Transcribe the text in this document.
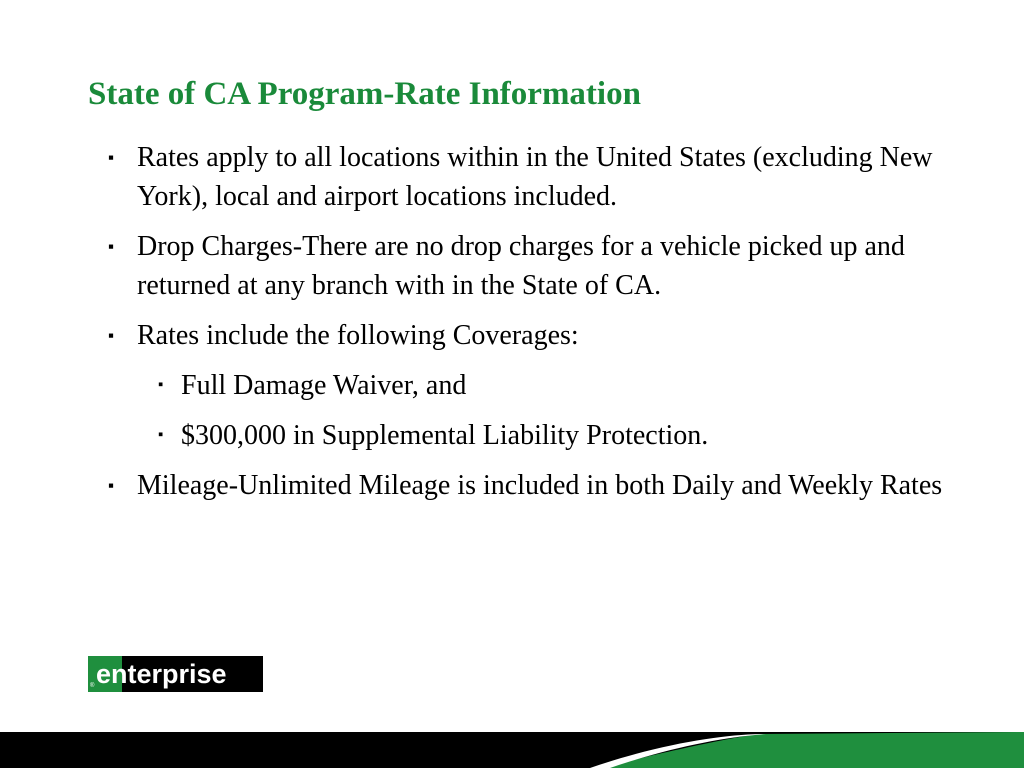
State of CA Program-Rate Information
▪ Rates apply to all locations within in the United States (excluding New York), local and airport locations included.
▪ Drop Charges-There are no drop charges for a vehicle picked up and returned at any branch with in the State of CA.
▪ Rates include the following Coverages:
▪ Full Damage Waiver, and
▪ $300,000 in Supplemental Liability Protection.
▪ Mileage-Unlimited Mileage is included in both Daily and Weekly Rates
enterprise
®
